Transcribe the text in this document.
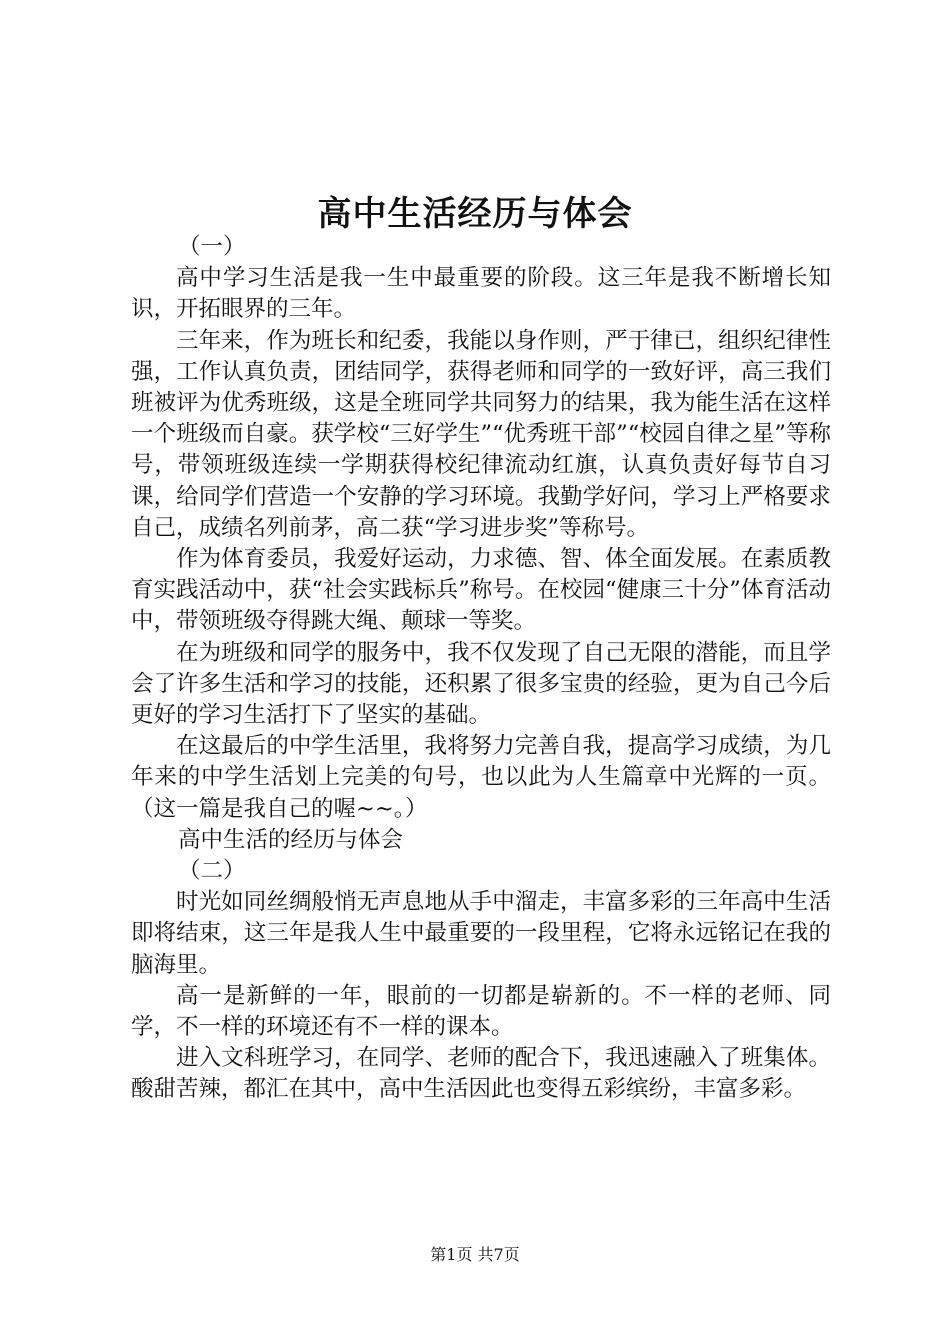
高中生活经历与体会

（一）

高中学习生活是我一生中最重要的阶段。这三年是我不断增长知识，开拓眼界的三年。

三年来，作为班长和纪委，我能以身作则，严于律已，组织纪律性强，工作认真负责，团结同学，获得老师和同学的一致好评，高三我们班被评为优秀班级，这是全班同学共同努力的结果，我为能生活在这样一个班级而自豪。获学校“三好学生”“优秀班干部”“校园自律之星”等称号，带领班级连续一学期获得校纪律流动红旗，认真负责好每节自习课，给同学们营造一个安静的学习环境。我勤学好问，学习上严格要求自己，成绩名列前茅，高二获“学习进步奖”等称号。

作为体育委员，我爱好运动，力求德、智、体全面发展。在素质教育实践活动中，获“社会实践标兵”称号。在校园“健康三十分”体育活动中，带领班级夺得跳大绳、颠球一等奖。

在为班级和同学的服务中，我不仅发现了自己无限的潜能，而且学会了许多生活和学习的技能，还积累了很多宝贵的经验，更为自己今后更好的学习生活打下了坚实的基础。

在这最后的中学生活里，我将努力完善自我，提高学习成绩，为几年来的中学生活划上完美的句号，也以此为人生篇章中光辉的一页。（这一篇是我自己的喔~~。）

高中生活的经历与体会

（二）

时光如同丝绸般悄无声息地从手中溜走，丰富多彩的三年高中生活即将结束，这三年是我人生中最重要的一段里程，它将永远铭记在我的脑海里。

高一是新鲜的一年，眼前的一切都是崭新的。不一样的老师、同学，不一样的环境还有不一样的课本。

进入文科班学习，在同学、老师的配合下，我迅速融入了班集体。酸甜苦辣，都汇在其中，高中生活因此也变得五彩缤纷，丰富多彩。

第1页 共7页
